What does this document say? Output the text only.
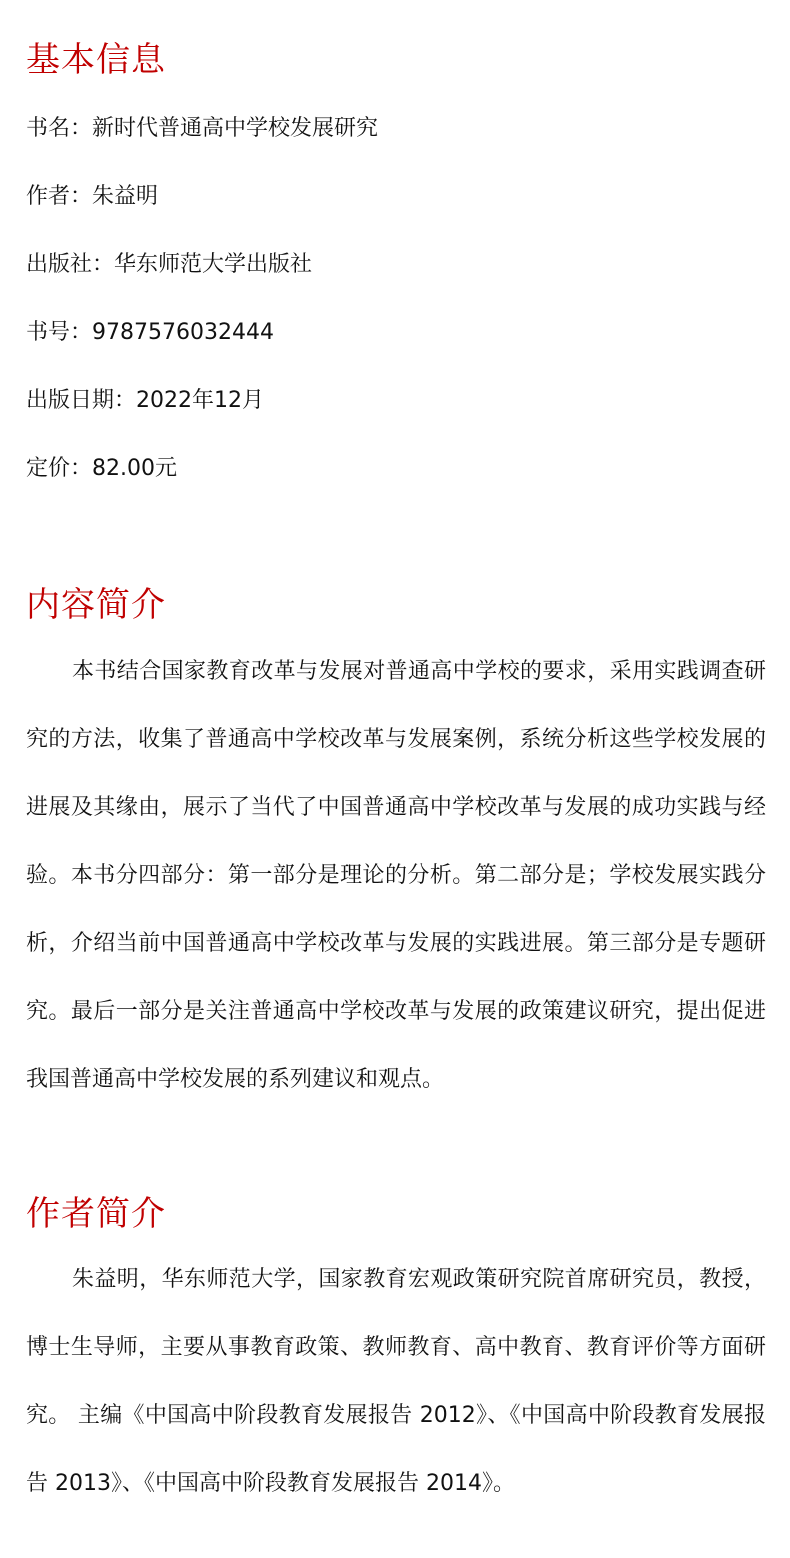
基本信息
书名：新时代普通高中学校发展研究
作者：朱益明
出版社：华东师范大学出版社
书号：9787576032444
出版日期：2022年12月
定价：82.00元
内容简介

本书结合国家教育改革与发展对普通高中学校的要求，采用实践调查研究的方法，收集了普通高中学校改革与发展案例，系统分析这些学校发展的进展及其缘由，展示了当代了中国普通高中学校改革与发展的成功实践与经验。本书分四部分：第一部分是理论的分析。第二部分是；学校发展实践分析，介绍当前中国普通高中学校改革与发展的实践进展。第三部分是专题研究。最后一部分是关注普通高中学校改革与发展的政策建议研究，提出促进我国普通高中学校发展的系列建议和观点。

作者简介

朱益明，华东师范大学，国家教育宏观政策研究院首席研究员，教授，博士生导师，主要从事教育政策、教师教育、高中教育、教育评价等方面研究。 主编《中国高中阶段教育发展报告 2012》、《中国高中阶段教育发展报告 2013》、《中国高中阶段教育发展报告 2014》。
